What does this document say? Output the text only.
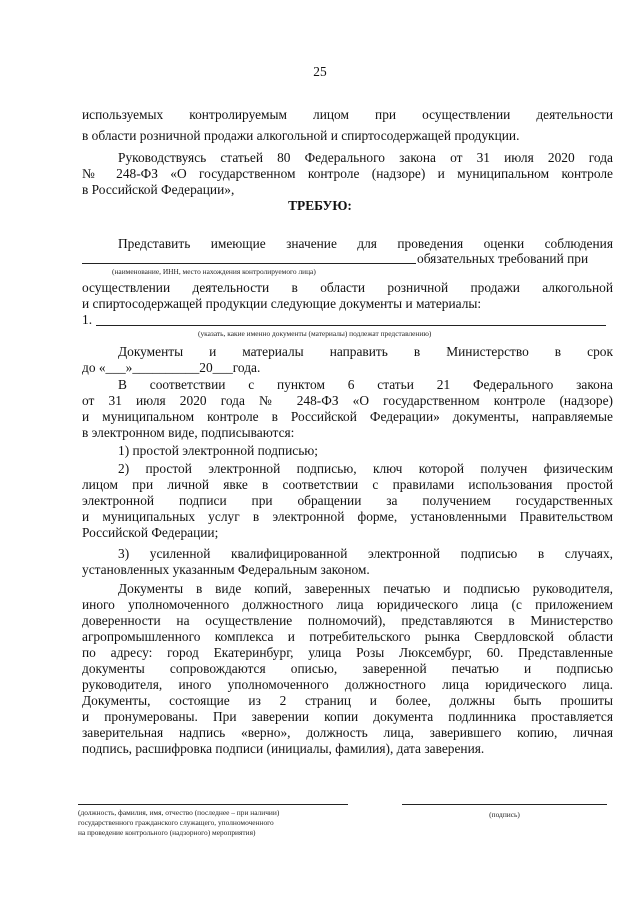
25
используемых контролируемым лицом при осуществлении деятельности
в области розничной продажи алкогольной и спиртосодержащей продукции.
Руководствуясь статьей 80 Федерального закона от 31 июля 2020 года
№ 248-ФЗ «О государственном контроле (надзоре) и муниципальном контроле
в Российской Федерации»,
ТРЕБУЮ:
Представить имеющие значение для проведения оценки соблюдения
обязательных требований при
(наименование, ИНН, место нахождения контролируемого лица)
осуществлении деятельности в области розничной продажи алкогольной
и спиртосодержащей продукции следующие документы и материалы:
1.
(указать, какие именно документы (материалы) подлежат представлению)
Документы и материалы направить в Министерство в срок
до «___»__________20___года.
В соответствии с пунктом 6 статьи 21 Федерального закона
от 31 июля 2020 года № 248-ФЗ «О государственном контроле (надзоре)
и муниципальном контроле в Российской Федерации» документы, направляемые
в электронном виде, подписываются:
1) простой электронной подписью;
2) простой электронной подписью, ключ которой получен физическим
лицом при личной явке в соответствии с правилами использования простой
электронной подписи при обращении за получением государственных
и муниципальных услуг в электронной форме, установленными Правительством
Российской Федерации;
3) усиленной квалифицированной электронной подписью в случаях,
установленных указанным Федеральным законом.
Документы в виде копий, заверенных печатью и подписью руководителя,
иного уполномоченного должностного лица юридического лица (с приложением
доверенности на осуществление полномочий), представляются в Министерство
агропромышленного комплекса и потребительского рынка Свердловской области
по адресу: город Екатеринбург, улица Розы Люксембург, 60. Представленные
документы сопровождаются описью, заверенной печатью и подписью
руководителя, иного уполномоченного должностного лица юридического лица.
Документы, состоящие из 2 страниц и более, должны быть прошиты
и пронумерованы. При заверении копии документа подлинника проставляется
заверительная надпись «верно», должность лица, заверившего копию, личная
подпись, расшифровка подписи (инициалы, фамилия), дата заверения.
(должность, фамилия, имя, отчество (последнее – при наличии)
государственного гражданского служащего, уполномоченного
на проведение контрольного (надзорного) мероприятия)
(подпись)
